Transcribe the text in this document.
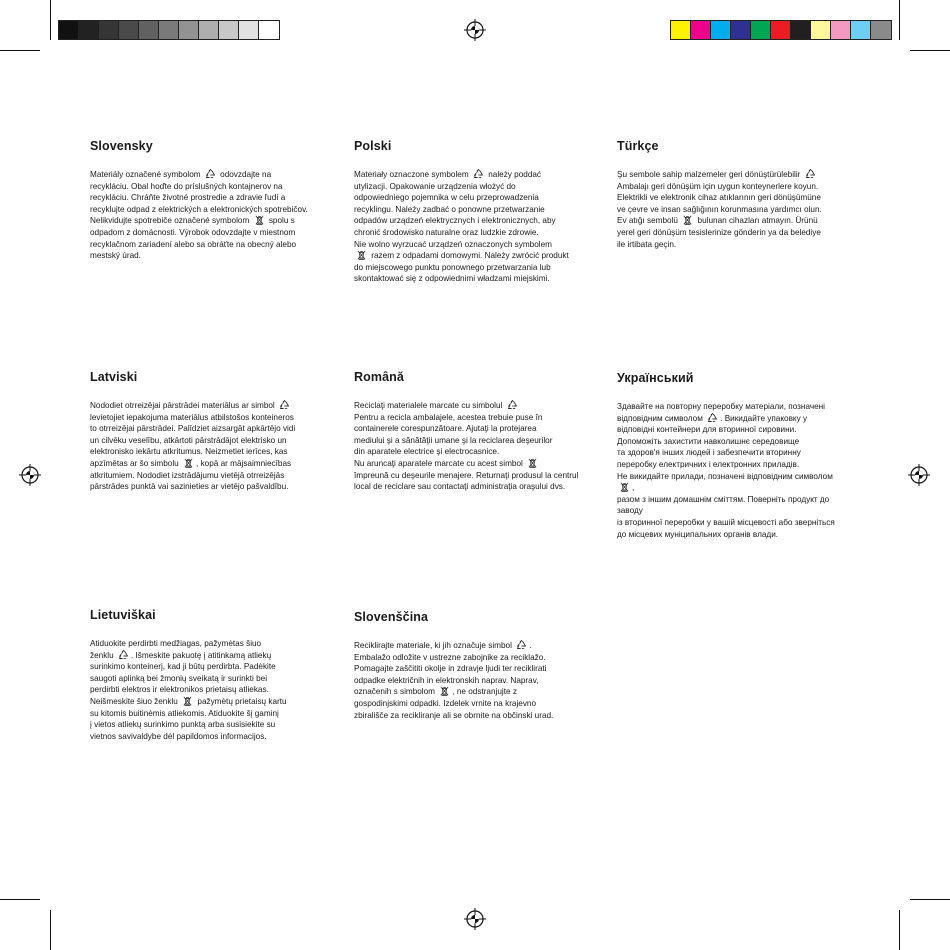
Slovensky
Materiály označené symbolom
odovzdajte na
recykláciu. Obal hoďte do príslušných kontajnerov na
recykláciu. Chráňte životné prostredie a zdravie ľudí a
recyklujte odpad z elektrických a elektronických spotrebičov.
Nelikvidujte spotrebiče označené symbolom
spolu s
odpadom z domácnosti. Výrobok odovzdajte v miestnom
recyklačnom zariadení alebo sa obráťte na obecný alebo
mestský úrad.
Polski
Materiały oznaczone symbolem
należy poddać
utylizacji. Opakowanie urządzenia włożyć do
odpowiedniego pojemnika w celu przeprowadzenia
recyklingu. Należy zadbać o ponowne przetwarzanie
odpadów urządzeń elektrycznych i elektronicznych, aby
chronić środowisko naturalne oraz ludzkie zdrowie.
Nie wolno wyrzucać urządzeń oznaczonych symbolem

razem z odpadami domowymi. Należy zwrócić produkt
do miejscowego punktu ponownego przetwarzania lub
skontaktować się z odpowiednimi władzami miejskimi.
Türkçe
Şu sembole sahip malzemeler geri dönüştürülebilir

Ambalajı geri dönüşüm için uygun konteynerlere koyun.
Elektrikli ve elektronik cihaz atıklarının geri dönüşümüne
ve çevre ve insan sağlığının korunmasına yardımcı olun.
Ev atığı sembolü
bulunan cihazları atmayın. Ürünü
yerel geri dönüşüm tesislerinize gönderin ya da belediye
ile irtibata geçin.
Latviski
Nododiet otrreizējai pārstrādei materiālus ar simbol

levietojiet iepakojuma materiālus atbilstošos konteineros
to otrreizējai pārstrādei. Palīdziet aizsargāt apkārtējo vidi
un cilvēku veselību, atkārtoti pārstrādājot elektrisko un
elektronisko iekārtu atkritumus. Neizmetiet ierīces, kas
apzīmētas ar šo simbolu
, kopā ar mājsaimniecības
atkritumiem. Nododiet izstrādājumu vietējā otrreizējās
pārstrādes punktā vai sazinieties ar vietējo pašvaldību.
Română
Reciclaţi materialele marcate cu simbolul

Pentru a recicla ambalajele, acestea trebuie puse în
containerele corespunzătoare. Ajutaţi la protejarea
mediului şi a sănătăţii umane şi la reciclarea deşeurilor
din aparatele electrice şi electrocasnice.
Nu aruncaţi aparatele marcate cu acest simbol

împreună cu deşeurile menajere. Returnaţi produsul la centrul
local de reciclare sau contactaţi administraţia oraşului dvs.
Український
Здавайте на повторну переробку матеріали, позначені
відповідним символом
. Викидайте упаковку у
відповідні контейнери для вторинної сировини.
Допоможіть захистити навколишнє середовище
та здоров'я інших людей і забезпечити вторинну
переробку електричних і електронних приладів.
Не викидайте прилади, позначені відповідним символом
,
разом з іншим домашнім сміттям. Поверніть продукт до заводу
із вторинної переробки у вашій місцевості або зверніться
до місцевих муніципальних органів влади.
Lietuviškai
Atiduokite perdirbti medžiagas, pažymėtas šiuo
ženklu
. Išmeskite pakuotę į atitinkamą atliekų
surinkimo konteinerį, kad ji būtų perdirbta. Padėkite
saugoti aplinką bei žmonių sveikatą ir surinkti bei
perdirbti elektros ir elektronikos prietaisų atliekas.
Neišmeskite šiuo ženklu
pažymėtų prietaisų kartu
su kitomis buitinėmis atliekomis. Atiduokite šį gaminį
į vietos atliekų surinkimo punktą arba susisiekite su
vietnos savivaldybe dėl papildomos informacijos.
Slovenščina
Reciklirajte materiale, ki jih označuje simbol
.
Embalažo odložite v ustrezne zabojnike za reciklažo.
Pomagajte zaščititi okolje in zdravje ljudi ter reciklirati
odpadke električnih in elektronskih naprav. Naprav,
označenih s simbolom
, ne odstranjujte z
gospodinjskimi odpadki. Izdelek vrnite na krajevno
zbirališče za recikliranje ali se obrnite na občinski urad.
